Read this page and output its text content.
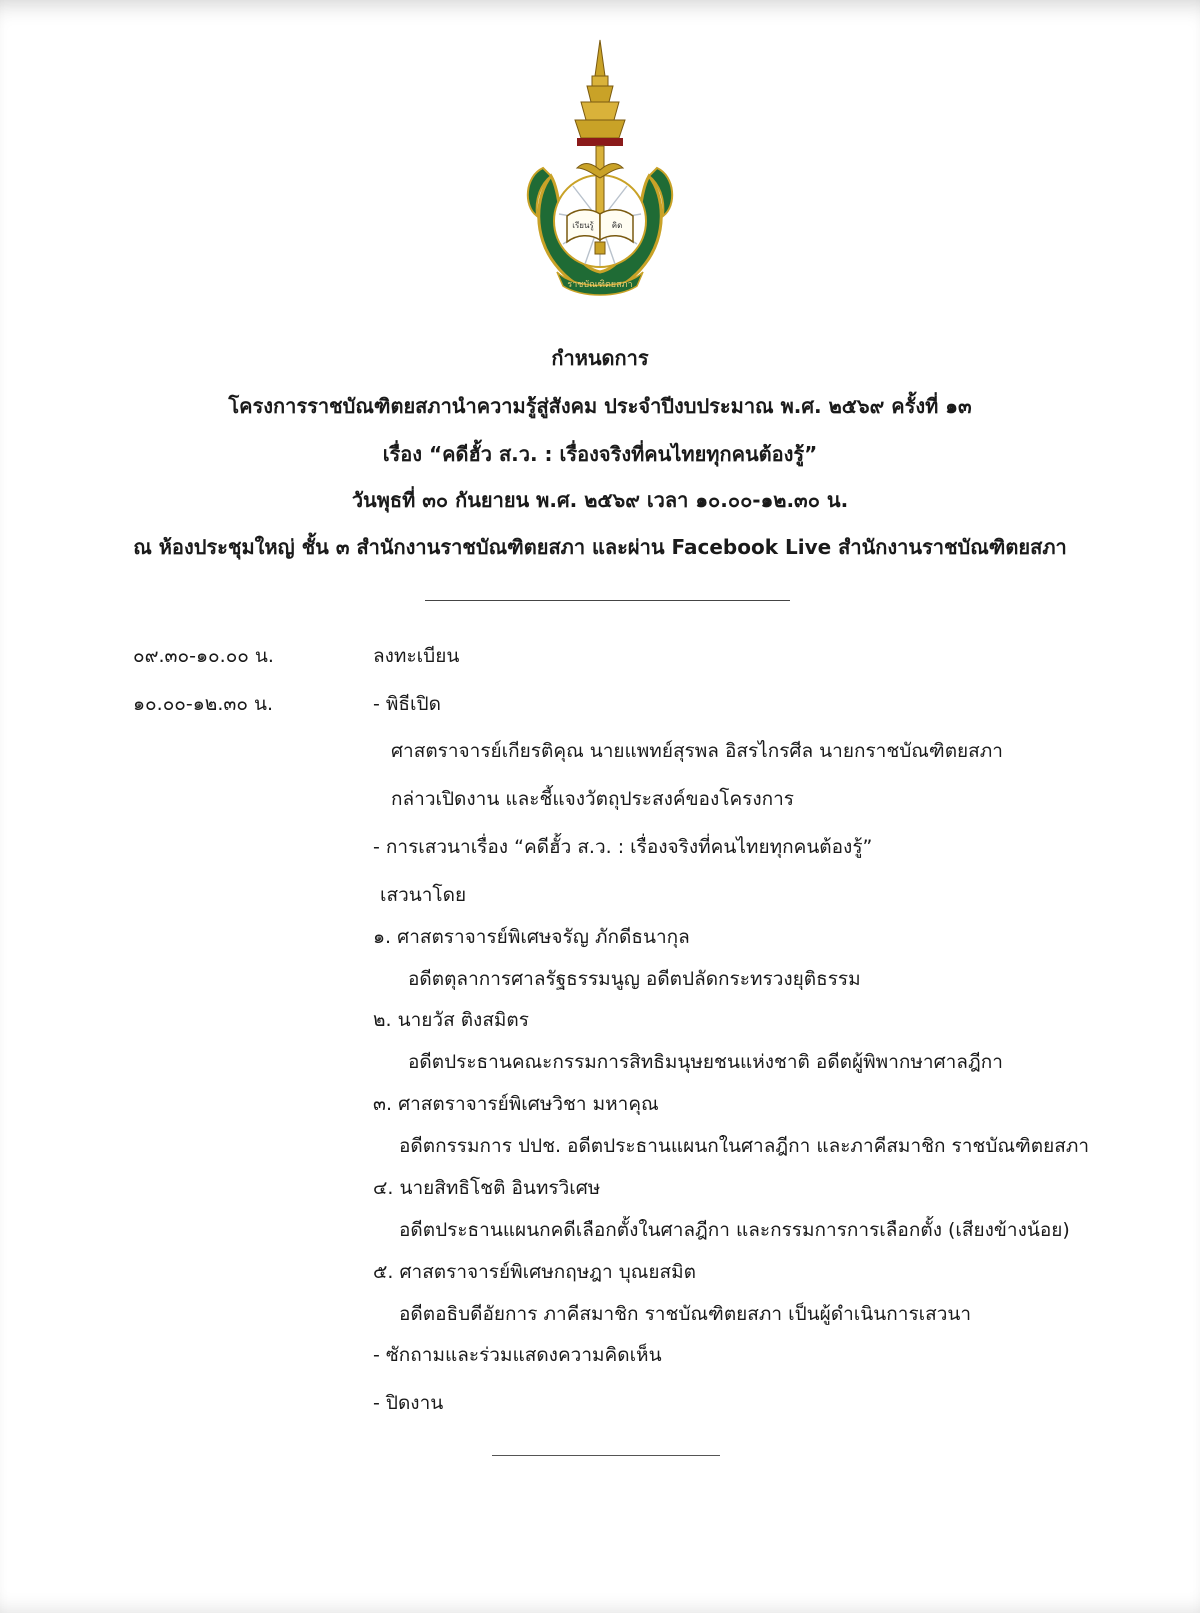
เรียนรู้ คิด
ราชบัณฑิตยสภา
กำหนดการ
โครงการราชบัณฑิตยสภานำความรู้สู่สังคม ประจำปีงบประมาณ พ.ศ. ๒๕๖๙ ครั้งที่ ๑๓
เรื่อง “คดีฮั้ว ส.ว. : เรื่องจริงที่คนไทยทุกคนต้องรู้”
วันพุธที่ ๓๐ กันยายน พ.ศ. ๒๕๖๙ เวลา ๑๐.๐๐-๑๒.๓๐ น.
ณ ห้องประชุมใหญ่ ชั้น ๓ สำนักงานราชบัณฑิตยสภา และผ่าน Facebook Live สำนักงานราชบัณฑิตยสภา
๐๙.๓๐-๑๐.๐๐ น.	ลงทะเบียน
๑๐.๐๐-๑๒.๓๐ น.	- พิธีเปิด
ศาสตราจารย์เกียรติคุณ นายแพทย์สุรพล อิสรไกรศีล นายกราชบัณฑิตยสภา
กล่าวเปิดงาน และชี้แจงวัตถุประสงค์ของโครงการ
- การเสวนาเรื่อง “คดีฮั้ว ส.ว. : เรื่องจริงที่คนไทยทุกคนต้องรู้”
เสวนาโดย
๑. ศาสตราจารย์พิเศษจรัญ ภักดีธนากุล
อดีตตุลาการศาลรัฐธรรมนูญ อดีตปลัดกระทรวงยุติธรรม
๒. นายวัส ติงสมิตร
อดีตประธานคณะกรรมการสิทธิมนุษยชนแห่งชาติ อดีตผู้พิพากษาศาลฎีกา
๓. ศาสตราจารย์พิเศษวิชา มหาคุณ
อดีตกรรมการ ปปช. อดีตประธานแผนกในศาลฎีกา และภาคีสมาชิก ราชบัณฑิตยสภา
๔. นายสิทธิโชติ อินทรวิเศษ
อดีตประธานแผนกคดีเลือกตั้งในศาลฎีกา และกรรมการการเลือกตั้ง (เสียงข้างน้อย)
๕. ศาสตราจารย์พิเศษกฤษฎา บุณยสมิต
อดีตอธิบดีอัยการ ภาคีสมาชิก ราชบัณฑิตยสภา เป็นผู้ดำเนินการเสวนา
- ซักถามและร่วมแสดงความคิดเห็น
- ปิดงาน
